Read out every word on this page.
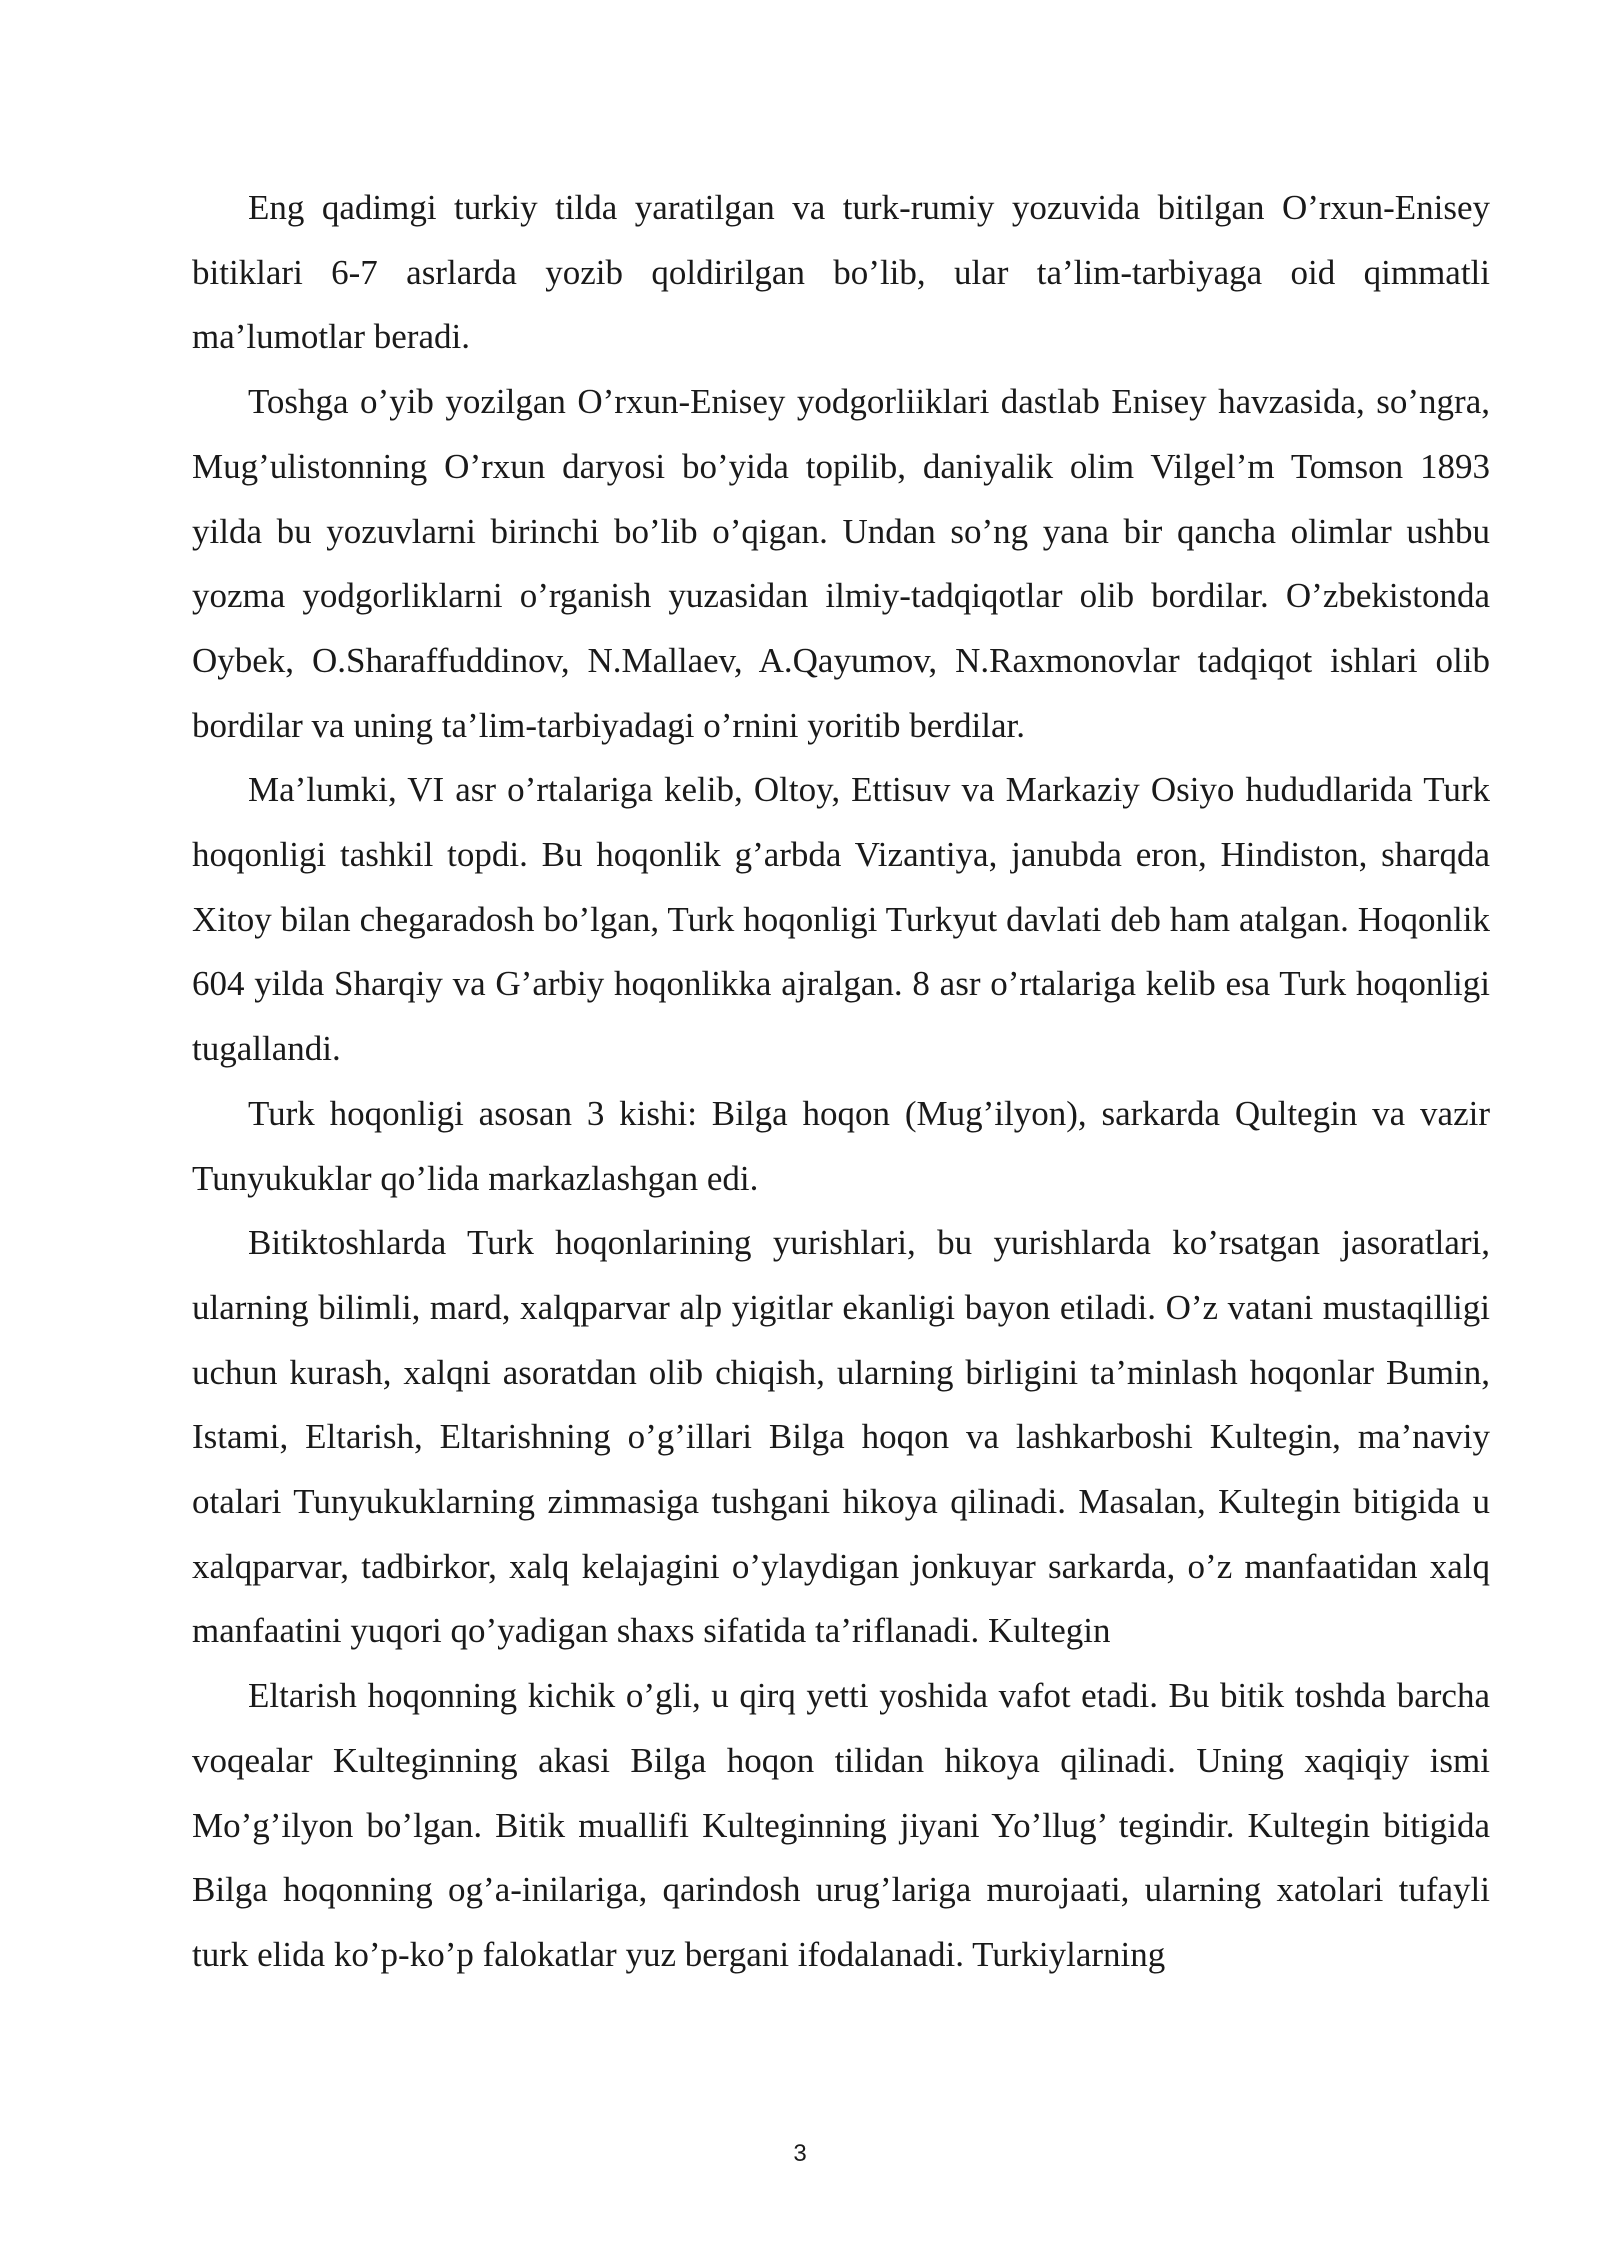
Eng qadimgi turkiy tilda yaratilgan va turk-rumiy yozuvida bitilgan O’rxun-Enisey bitiklari 6-7 asrlarda yozib qoldirilgan bo’lib, ular ta’lim-tarbiyaga oid qimmatli ma’lumotlar beradi.

Toshga o’yib yozilgan O’rxun-Enisey yodgorliiklari dastlab Enisey havzasida, so’ngra, Mug’ulistonning O’rxun daryosi bo’yida topilib, daniyalik olim Vilgel’m Tomson 1893 yilda bu yozuvlarni birinchi bo’lib o’qigan. Undan so’ng yana bir qancha olimlar ushbu yozma yodgorliklarni o’rganish yuzasidan ilmiy-tadqiqotlar olib bordilar. O’zbekistonda Oybek, O.Sharaffuddinov, N.Mallaev, A.Qayumov, N.Raxmonovlar tadqiqot ishlari olib bordilar va uning ta’lim-tarbiyadagi o’rnini yoritib berdilar.

Ma’lumki, VI asr o’rtalariga kelib, Oltoy, Ettisuv va Markaziy Osiyo hududlarida Turk hoqonligi tashkil topdi. Bu hoqonlik g’arbda Vizantiya, janubda eron, Hindiston, sharqda Xitoy bilan chegaradosh bo’lgan, Turk hoqonligi Turkyut davlati deb ham atalgan. Hoqonlik 604 yilda Sharqiy va G’arbiy hoqonlikka ajralgan. 8 asr o’rtalariga kelib esa Turk hoqonligi tugallandi.

Turk hoqonligi asosan 3 kishi: Bilga hoqon (Mug’ilyon), sarkarda Qultegin va vazir Tunyukuklar qo’lida markazlashgan edi.

Bitiktoshlarda Turk hoqonlarining yurishlari, bu yurishlarda ko’rsatgan jasoratlari, ularning bilimli, mard, xalqparvar alp yigitlar ekanligi bayon etiladi. O’z vatani mustaqilligi uchun kurash, xalqni asoratdan olib chiqish, ularning birligini ta’minlash hoqonlar Bumin, Istami, Eltarish, Eltarishning o’g’illari Bilga hoqon va lashkarboshi Kultegin, ma’naviy otalari Tunyukuklarning zimmasiga tushgani hikoya qilinadi. Masalan, Kultegin bitigida u xalqparvar, tadbirkor, xalq kelajagini o’ylaydigan jonkuyar sarkarda, o’z manfaatidan xalq manfaatini yuqori qo’yadigan shaxs sifatida ta’riflanadi. Kultegin

Eltarish hoqonning kichik o’gli, u qirq yetti yoshida vafot etadi. Bu bitik toshda barcha voqealar Kulteginning akasi Bilga hoqon tilidan hikoya qilinadi. Uning xaqiqiy ismi Mo’g’ilyon bo’lgan. Bitik muallifi Kulteginning jiyani Yo’llug’ tegindir. Kultegin bitigida Bilga hoqonning og’a-inilariga, qarindosh urug’lariga murojaati, ularning xatolari tufayli turk elida ko’p-ko’p falokatlar yuz bergani ifodalanadi. Turkiylarning

3
